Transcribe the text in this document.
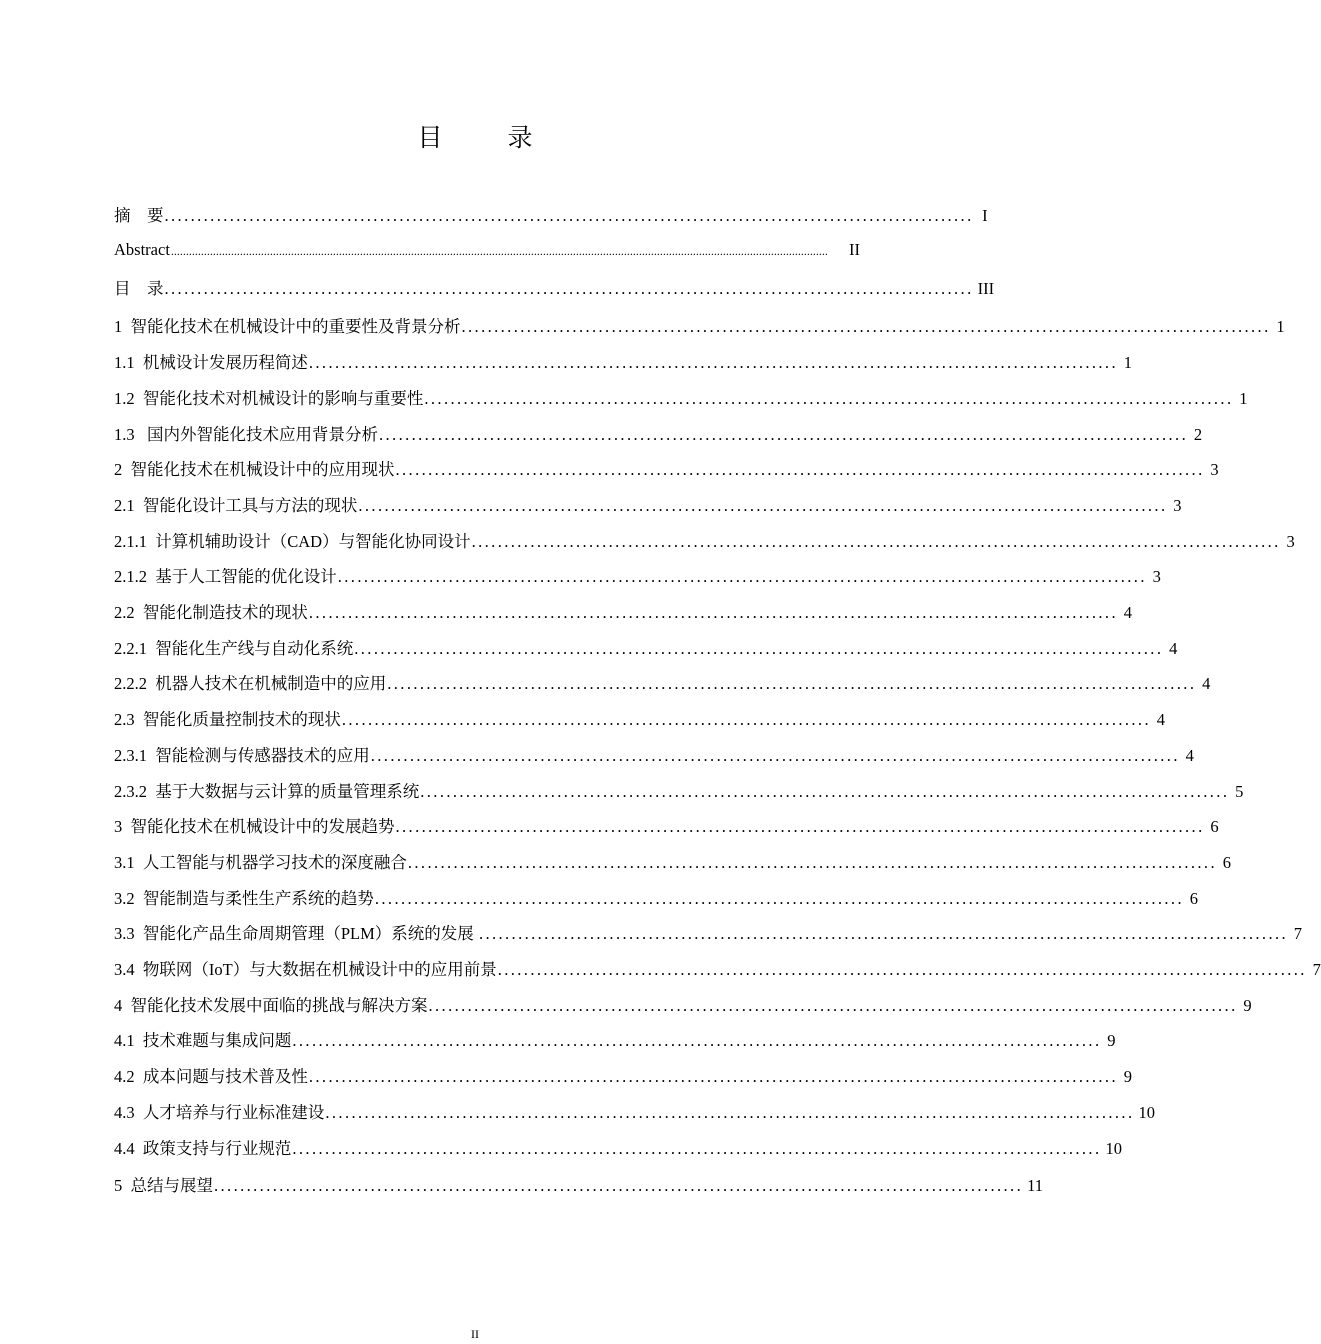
目　录
摘　要 ............................................................................................................................ I
Abstract ...........................................................................................................................................................................................................................	II
目　录 ............................................................................................................................ III
1  智能化技术在机械设计中的重要性及背景分析 ............................................................................................................................ 1
1.1  机械设计发展历程简述 ............................................................................................................................ 1
1.2  智能化技术对机械设计的影响与重要性 ............................................................................................................................ 1
1.3   国内外智能化技术应用背景分析 ............................................................................................................................ 2
2  智能化技术在机械设计中的应用现状 ............................................................................................................................ 3
2.1  智能化设计工具与方法的现状 ............................................................................................................................ 3
2.1.1  计算机辅助设计（CAD）与智能化协同设计 ............................................................................................................................ 3
2.1.2  基于人工智能的优化设计 ............................................................................................................................ 3
2.2  智能化制造技术的现状 ............................................................................................................................ 4
2.2.1  智能化生产线与自动化系统 ............................................................................................................................ 4
2.2.2  机器人技术在机械制造中的应用 ............................................................................................................................ 4
2.3  智能化质量控制技术的现状 ............................................................................................................................ 4
2.3.1  智能检测与传感器技术的应用 ............................................................................................................................ 4
2.3.2  基于大数据与云计算的质量管理系统 ............................................................................................................................ 5
3  智能化技术在机械设计中的发展趋势 ............................................................................................................................ 6
3.1  人工智能与机器学习技术的深度融合 ............................................................................................................................ 6
3.2  智能制造与柔性生产系统的趋势 ............................................................................................................................ 6
3.3  智能化产品生命周期管理（PLM）系统的发展 ............................................................................................................................ 7
3.4  物联网（IoT）与大数据在机械设计中的应用前景 ............................................................................................................................ 7
4  智能化技术发展中面临的挑战与解决方案 ............................................................................................................................ 9
4.1  技术难题与集成问题 ............................................................................................................................ 9
4.2  成本问题与技术普及性 ............................................................................................................................ 9
4.3  人才培养与行业标准建设 ............................................................................................................................ 10
4.4  政策支持与行业规范 ............................................................................................................................ 10
5  总结与展望 ............................................................................................................................ 11
II
